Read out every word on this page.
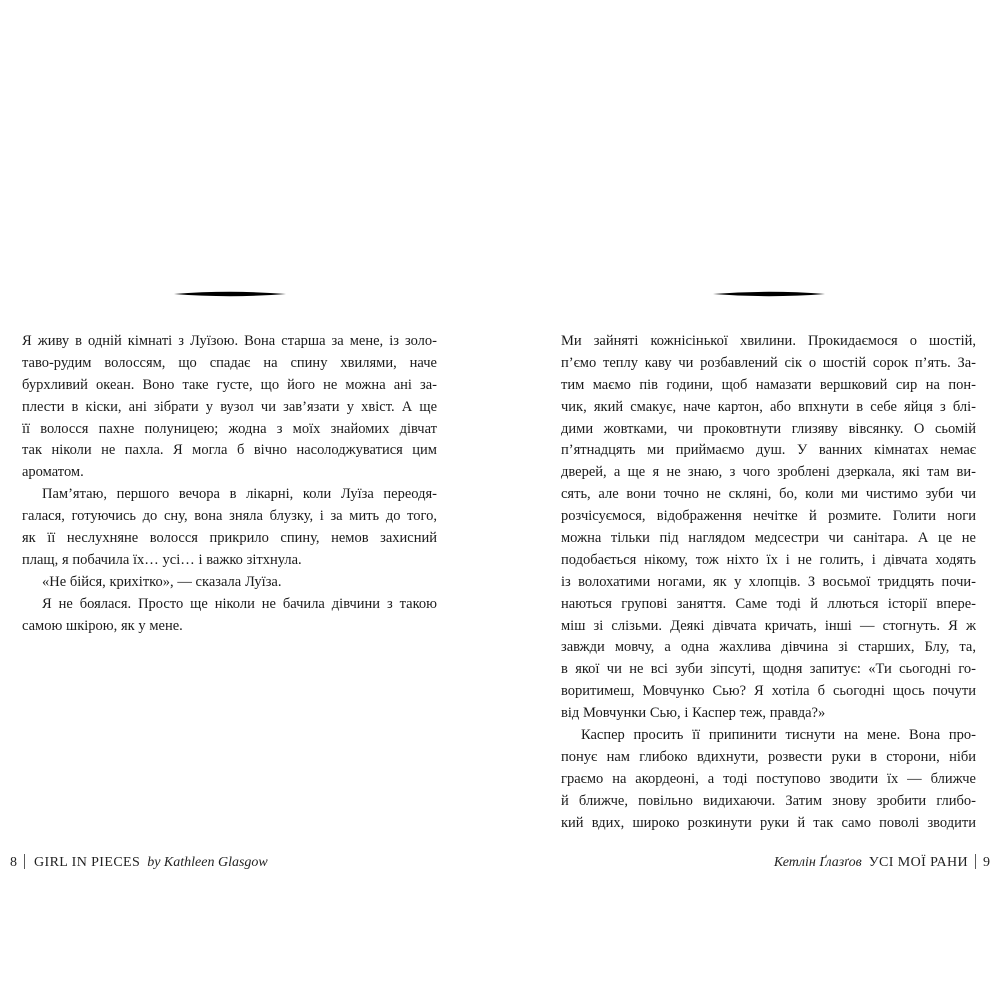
Я живу в одній кімнаті з Луїзою. Вона старша за мене, із золо-
таво-рудим волоссям, що спадає на спину хвилями, наче
бурхливий океан. Воно таке густе, що його не можна ані за-
плести в кіски, ані зібрати у вузол чи зав’язати у хвіст. А ще
її волосся пахне полуницею; жодна з моїх знайомих дівчат
так ніколи не пахла. Я могла б вічно насолоджуватися цим
ароматом.
Пам’ятаю, першого вечора в лікарні, коли Луїза переодя-
галася, готуючись до сну, вона зняла блузку, і за мить до того,
як її неслухняне волосся прикрило спину, немов захисний
плащ, я побачила їх… усі… і важко зітхнула.
«Не бійся, крихітко», — сказала Луїза.
Я не боялася. Просто ще ніколи не бачила дівчини з такою
самою шкірою, як у мене.
Ми зайняті кожнісінької хвилини. Прокидаємося о шостій,
п’ємо теплу каву чи розбавлений сік о шостій сорок п’ять. За-
тим маємо пів години, щоб намазати вершковий сир на пон-
чик, який смакує, наче картон, або впхнути в себе яйця з блі-
дими жовтками, чи проковтнути глизяву вівсянку. О сьомій
п’ятнадцять ми приймаємо душ. У ванних кімнатах немає
дверей, а ще я не знаю, з чого зроблені дзеркала, які там ви-
сять, але вони точно не скляні, бо, коли ми чистимо зуби чи
розчісуємося, відображення нечітке й розмите. Голити ноги
можна тільки під наглядом медсестри чи санітара. А це не
подобається нікому, тож ніхто їх і не голить, і дівчата ходять
із волохатими ногами, як у хлопців. З восьмої тридцять почи-
наються групові заняття. Саме тоді й ллються історії впере-
міш зі слізьми. Деякі дівчата кричать, інші — стогнуть. Я ж
завжди мовчу, а одна жахлива дівчина зі старших, Блу, та,
в якої чи не всі зуби зіпсуті, щодня запитує: «Ти сьогодні го-
воритимеш, Мовчунко Сью? Я хотіла б сьогодні щось почути
від Мовчунки Сью, і Каспер теж, правда?»
Каспер просить її припинити тиснути на мене. Вона про-
понує нам глибоко вдихнути, розвести руки в сторони, ніби
граємо на акордеоні, а тоді поступово зводити їх — ближче
й ближче, повільно видихаючи. Затим знову зробити глибо-
кий вдих, широко розкинути руки й так само поволі зводити
8 GIRL IN PIECES by Kathleen Glasgow	Кетлін Ґлазґов УСІ МОЇ РАНИ 9
